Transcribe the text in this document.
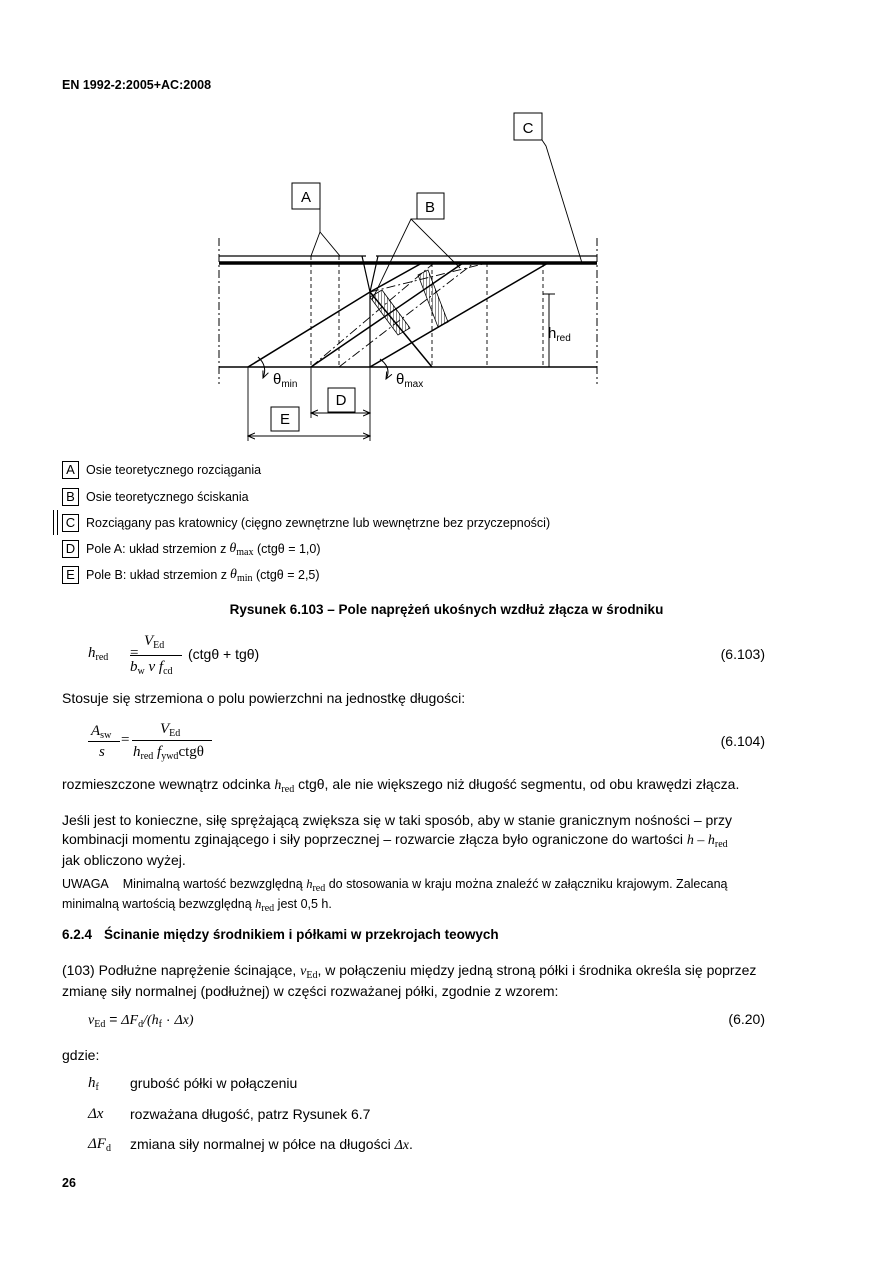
EN 1992-2:2005+AC:2008
A
B
C
$h_{red}$
$\theta_{min}$	$\theta_{max}$
D
E
A Osie teoretycznego rozciągania
B Osie teoretycznego ściskania
C Rozciągany pas kratownicy (cięgno zewnętrzne lub wewnętrzne bez przyczepności)
D Pole A: układ strzemion z θ max (ctgθ = 1,0)
E Pole B: układ strzemion z θ min (ctgθ = 2,5)
Rysunek 6.103 – Pole naprężeń ukośnych wzdłuż złącza w środniku
$h_{red}$ =
$V_{Ed}$
$b_w$ ν $f_{cd}$
(ctgθ + tgθ)	(6.103)
Stosuje się strzemiona o polu powierzchni na jednostkę długości:
$A_{sw}$
s
=
$V_{Ed}$
$h_{red}$ $f_{ywd}ctg\theta$
(6.104)
rozmieszczone wewnątrz odcinka $h_{red}$ ctgθ, ale nie większego niż długość segmentu, od obu krawędzi złącza.
Jeśli jest to konieczne, siłę sprężającą zwiększa się w taki sposób, aby w stanie granicznym nośności – przy kombinacji momentu zginającego i siły poprzecznej – rozwarcie złącza było ograniczone do wartości h – $h_{red}$
jak obliczono wyżej.
UWAGA Minimalną wartość bezwzględną $h_{red}$ do stosowania w kraju można znaleźć w załączniku krajowym. Zalecaną minimalną wartością bezwzględną $h_{red}$ jest 0,5 h.
6.2.4 Ścinanie między środnikiem i półkami w przekrojach teowych
(103) Podłużne naprężenie ścinające, $v_{Ed}$, w połączeniu między jedną stroną półki i środnika określa się poprzez zmianę siły normalnej (podłużnej) w części rozważanej półki, zgodnie z wzorem:
$v_{Ed} = \Delta F_d/(h_f \cdot \Delta x)$	(6.20)
gdzie:
$h_f$	grubość półki w połączeniu
Δx	rozważana długość, patrz Rysunek 6.7
$\Delta F_d$	zmiana siły normalnej w półce na długości Δx.
26
